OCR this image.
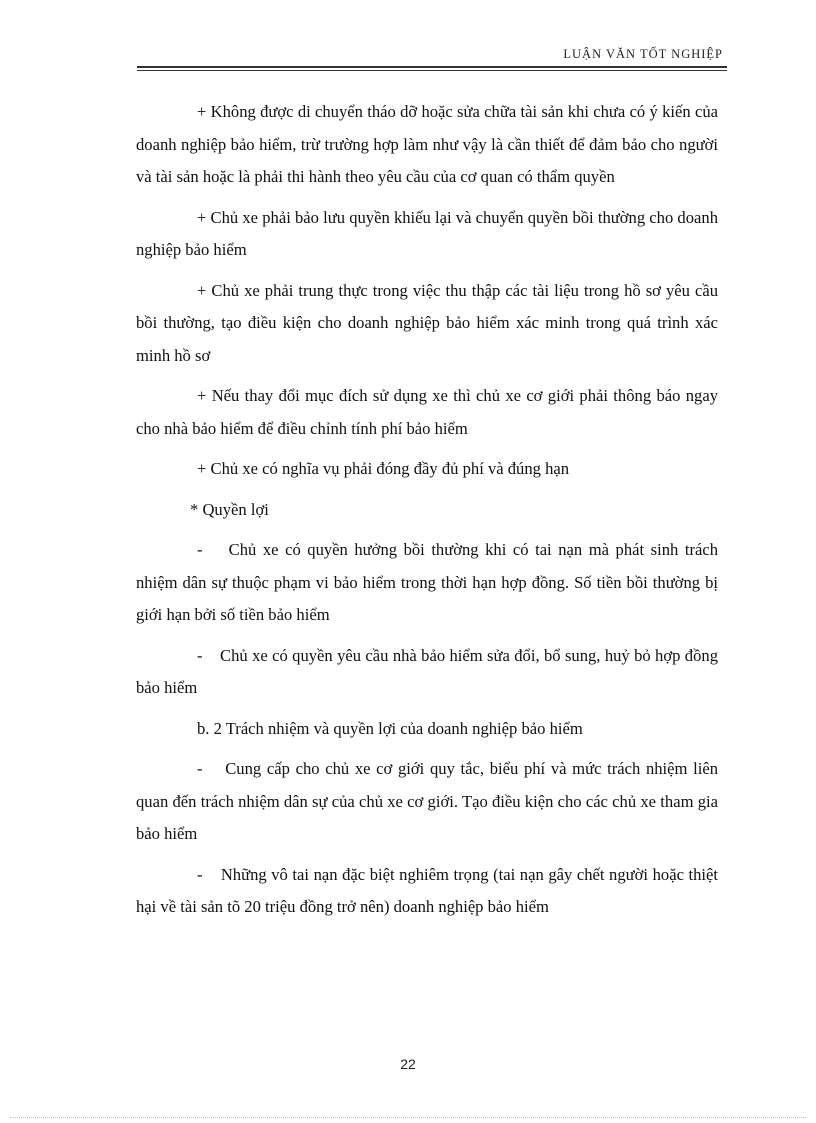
LUẬN VĂN TỐT NGHIỆP

+ Không được di chuyển tháo dỡ hoặc sửa chữa tài sản khi chưa có ý kiến của doanh nghiệp bảo hiểm, trừ trường hợp làm như vậy là cần thiết để đảm bảo cho người và tài sản hoặc là phải thi hành theo yêu cầu của cơ quan có thẩm quyền

+ Chủ xe phải bảo lưu quyền khiếu lại và chuyển quyền bồi thường cho doanh nghiệp bảo hiểm

+ Chủ xe phải trung thực trong việc thu thập các tài liệu trong hồ sơ yêu cầu bồi thường, tạo điều kiện cho doanh nghiệp bảo hiểm xác minh trong quá trình xác minh hồ sơ

+ Nếu thay đổi mục đích sử dụng xe thì chủ xe cơ giới phải thông báo ngay cho nhà bảo hiểm để điều chỉnh tính phí bảo hiểm

+ Chủ xe có nghĩa vụ phải đóng đầy đủ phí và đúng hạn

* Quyền lợi

-    Chủ xe có quyền hưởng bồi thường khi có tai nạn mà phát sinh trách nhiệm dân sự thuộc phạm vi bảo hiểm trong thời hạn hợp đồng. Số tiền bồi thường bị giới hạn bởi số tiền bảo hiểm

-    Chủ xe có quyền yêu cầu nhà bảo hiểm sửa đổi, bổ sung, huỷ bỏ hợp đồng bảo hiểm

b. 2 Trách nhiệm và quyền lợi của doanh nghiệp bảo hiểm

-    Cung cấp cho chủ xe cơ giới quy tắc, biểu phí và mức trách nhiệm liên quan đến trách nhiệm dân sự của chủ xe cơ giới. Tạo điều kiện cho các chủ xe tham gia bảo hiểm

-    Những vô tai nạn đặc biệt nghiêm trọng (tai nạn gây chết người hoặc thiệt hại về tài sản tõ 20 triệu đồng trở nên) doanh nghiệp bảo hiểm

22
